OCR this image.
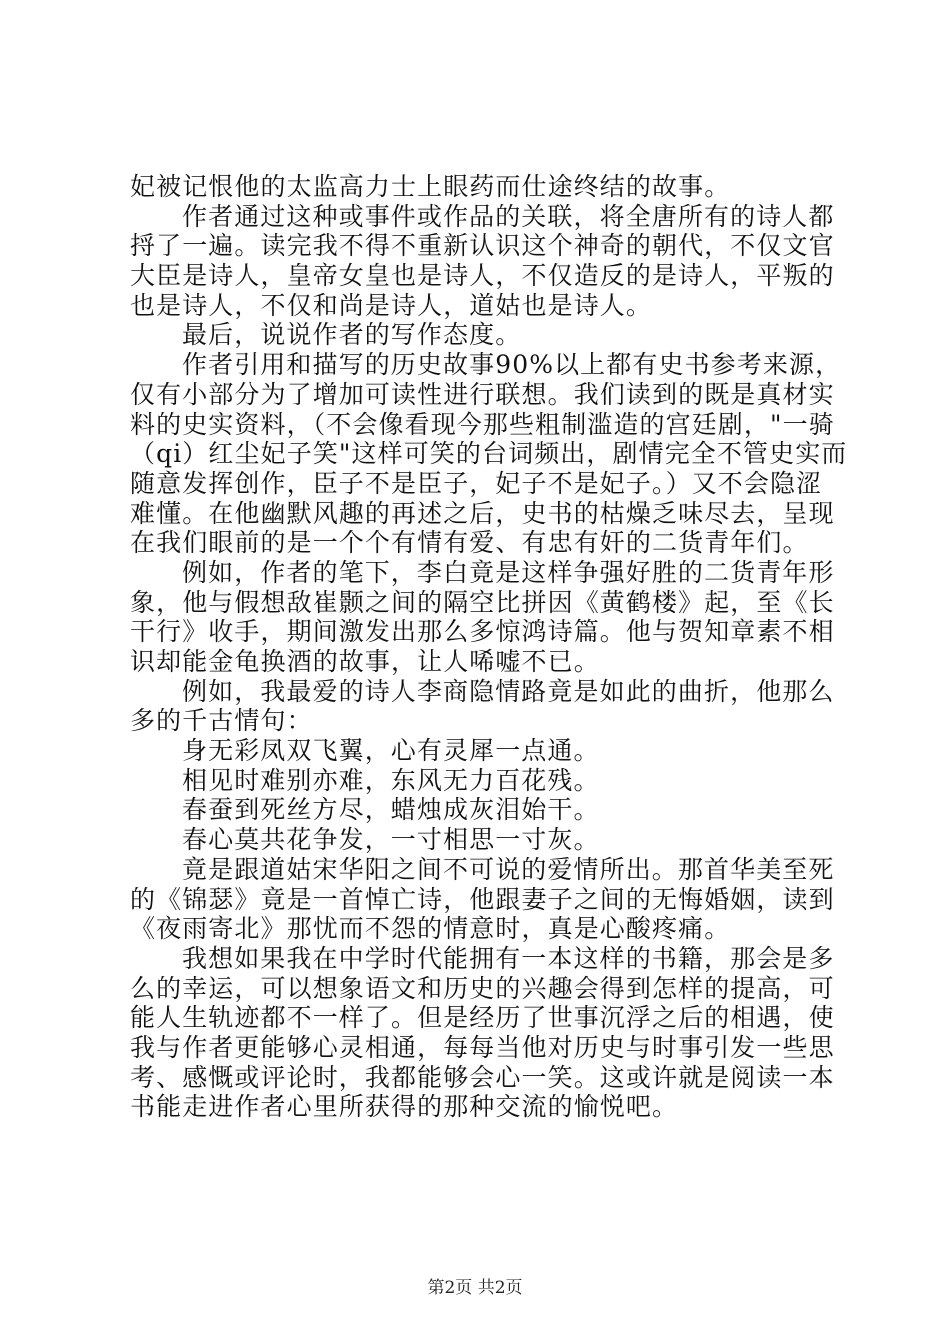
妃被记恨他的太监高力士上眼药而仕途终结的故事。
作者通过这种或事件或作品的关联，将全唐所有的诗人都
捋了一遍。读完我不得不重新认识这个神奇的朝代，不仅文官
大臣是诗人，皇帝女皇也是诗人，不仅造反的是诗人，平叛的
也是诗人，不仅和尚是诗人，道姑也是诗人。
最后，说说作者的写作态度。
作者引用和描写的历史故事90%以上都有史书参考来源，
仅有小部分为了增加可读性进行联想。我们读到的既是真材实
料的史实资料，（不会像看现今那些粗制滥造的宫廷剧，"一骑
（qi）红尘妃子笑"这样可笑的台词频出，剧情完全不管史实而
随意发挥创作，臣子不是臣子，妃子不是妃子。）又不会隐涩
难懂。在他幽默风趣的再述之后，史书的枯燥乏味尽去，呈现
在我们眼前的是一个个有情有爱、有忠有奸的二货青年们。
例如，作者的笔下，李白竟是这样争强好胜的二货青年形
象，他与假想敌崔颢之间的隔空比拼因《黄鹤楼》起，至《长
干行》收手，期间激发出那么多惊鸿诗篇。他与贺知章素不相
识却能金龟换酒的故事，让人唏嘘不已。
例如，我最爱的诗人李商隐情路竟是如此的曲折，他那么
多的千古情句：
身无彩凤双飞翼，心有灵犀一点通。
相见时难别亦难，东风无力百花残。
春蚕到死丝方尽，蜡烛成灰泪始干。
春心莫共花争发，一寸相思一寸灰。
竟是跟道姑宋华阳之间不可说的爱情所出。那首华美至死
的《锦瑟》竟是一首悼亡诗，他跟妻子之间的无悔婚姻，读到
《夜雨寄北》那忧而不怨的情意时，真是心酸疼痛。
我想如果我在中学时代能拥有一本这样的书籍，那会是多
么的幸运，可以想象语文和历史的兴趣会得到怎样的提高，可
能人生轨迹都不一样了。但是经历了世事沉浮之后的相遇，使
我与作者更能够心灵相通，每每当他对历史与时事引发一些思
考、感慨或评论时，我都能够会心一笑。这或许就是阅读一本
书能走进作者心里所获得的那种交流的愉悦吧。
第2页 共2页
